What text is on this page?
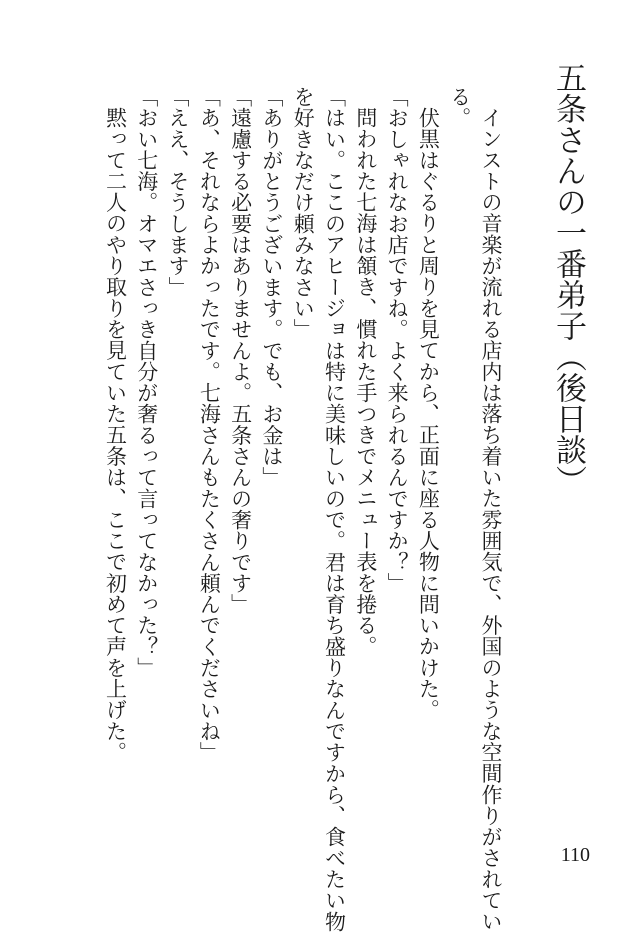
五条さんの一番弟子（後日談）
インストの音楽が流れる店内は落ち着いた雰囲気で、外国のような空間作りがされてい
る。
伏黒はぐるりと周りを見てから、正面に座る人物に問いかけた。
「おしゃれなお店ですね。よく来られるんですか？」
問われた七海は頷き、慣れた手つきでメニュー表を捲る。
「はい。ここのアヒージョは特に美味しいので。君は育ち盛りなんですから、食べたい物
を好きなだけ頼みなさい」
「ありがとうございます。でも、お金は」
「遠慮する必要はありませんよ。五条さんの奢りです」
「あ、それならよかったです。七海さんもたくさん頼んでくださいね」
「ええ、そうします」
「おい七海。オマエさっき自分が奢るって言ってなかった？」
黙って二人のやり取りを見ていた五条は、ここで初めて声を上げた。
110
